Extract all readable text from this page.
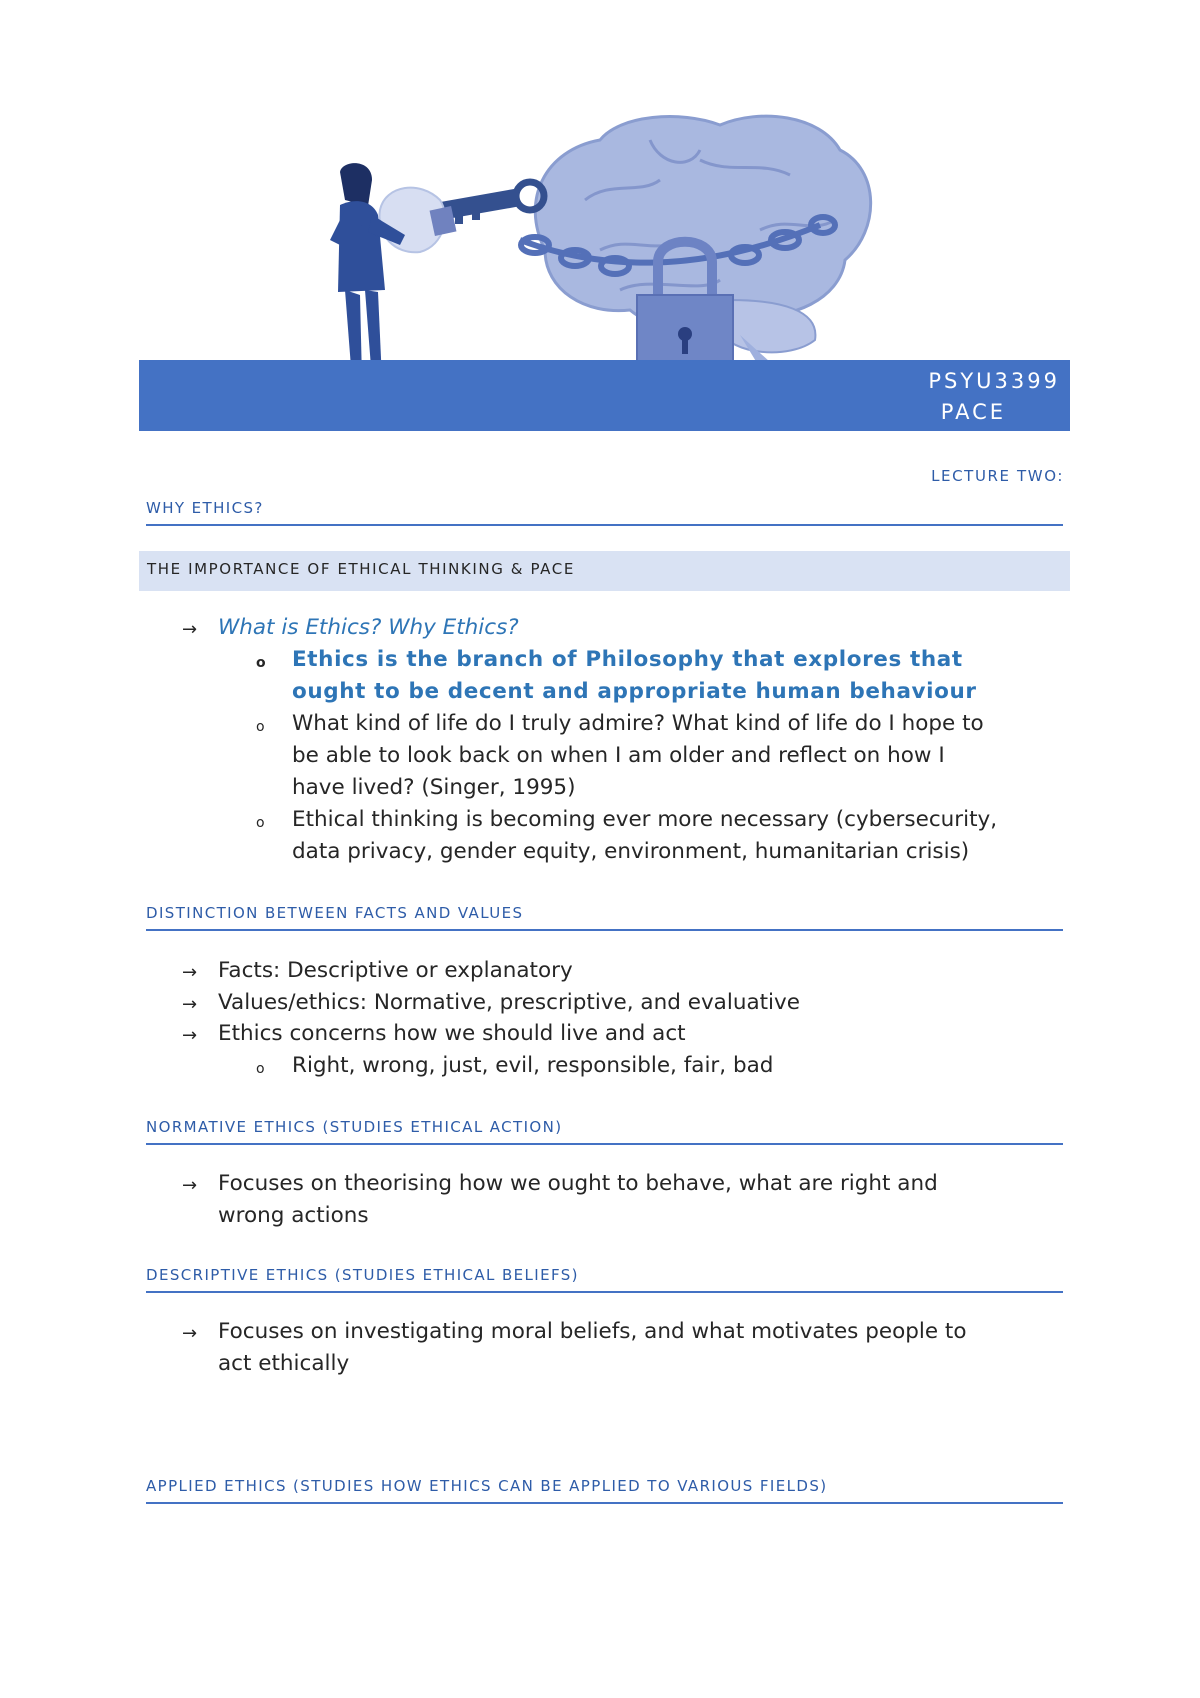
PSYU3399
PACE
LECTURE TWO:
WHY ETHICS?
THE IMPORTANCE OF ETHICAL THINKING & PACE
→ What is Ethics? Why Ethics?
o Ethics is the branch of Philosophy that explores that
ought to be decent and appropriate human behaviour
o What kind of life do I truly admire? What kind of life do I hope to
be able to look back on when I am older and reflect on how I
have lived? (Singer, 1995)
o Ethical thinking is becoming ever more necessary (cybersecurity,
data privacy, gender equity, environment, humanitarian crisis)
DISTINCTION BETWEEN FACTS AND VALUES
→ Facts: Descriptive or explanatory
→ Values/ethics: Normative, prescriptive, and evaluative
→ Ethics concerns how we should live and act
o Right, wrong, just, evil, responsible, fair, bad
NORMATIVE ETHICS (STUDIES ETHICAL ACTION)
→ Focuses on theorising how we ought to behave, what are right and
wrong actions
DESCRIPTIVE ETHICS (STUDIES ETHICAL BELIEFS)
→ Focuses on investigating moral beliefs, and what motivates people to
act ethically
APPLIED ETHICS (STUDIES HOW ETHICS CAN BE APPLIED TO VARIOUS FIELDS)
